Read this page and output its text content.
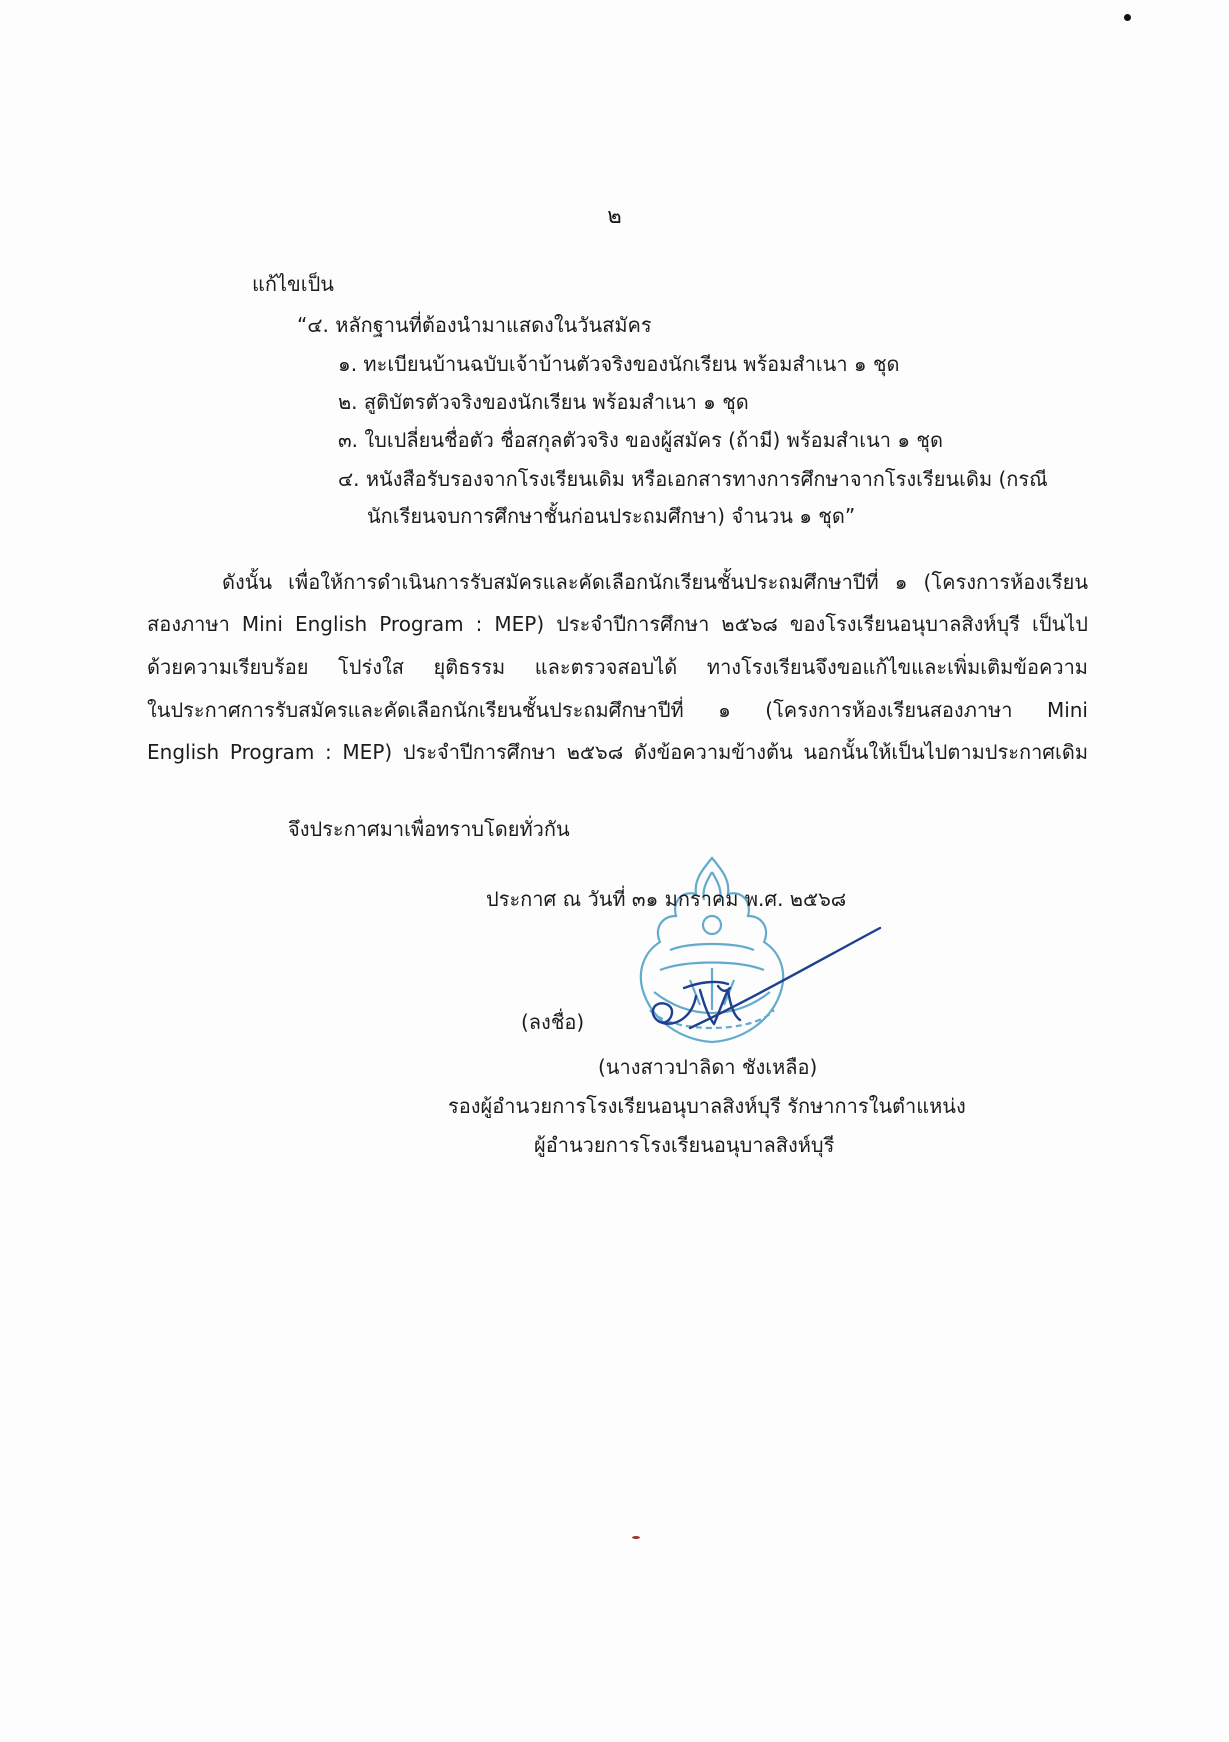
๒
แก้ไขเป็น
“๔. หลักฐานที่ต้องนำมาแสดงในวันสมัคร
๑. ทะเบียนบ้านฉบับเจ้าบ้านตัวจริงของนักเรียน พร้อมสำเนา ๑ ชุด
๒. สูติบัตรตัวจริงของนักเรียน พร้อมสำเนา ๑ ชุด
๓. ใบเปลี่ยนชื่อตัว ชื่อสกุลตัวจริง ของผู้สมัคร (ถ้ามี) พร้อมสำเนา ๑ ชุด
๔. หนังสือรับรองจากโรงเรียนเดิม หรือเอกสารทางการศึกษาจากโรงเรียนเดิม (กรณี
นักเรียนจบการศึกษาชั้นก่อนประถมศึกษา) จำนวน ๑ ชุด”
ดังนั้น เพื่อให้การดำเนินการรับสมัครและคัดเลือกนักเรียนชั้นประถมศึกษาปีที่ ๑ (โครงการห้องเรียน
สองภาษา Mini English Program : MEP) ประจำปีการศึกษา ๒๕๖๘ ของโรงเรียนอนุบาลสิงห์บุรี เป็นไป
ด้วยความเรียบร้อย โปร่งใส ยุติธรรม และตรวจสอบได้ ทางโรงเรียนจึงขอแก้ไขและเพิ่มเติมข้อความ
ในประกาศการรับสมัครและคัดเลือกนักเรียนชั้นประถมศึกษาปีที่ ๑ (โครงการห้องเรียนสองภาษา Mini
English Program : MEP) ประจำปีการศึกษา ๒๕๖๘ ดังข้อความข้างต้น นอกนั้นให้เป็นไปตามประกาศเดิม
จึงประกาศมาเพื่อทราบโดยทั่วกัน
ประกาศ ณ วันที่ ๓๑ มกราคม พ.ศ. ๒๕๖๘
(ลงชื่อ)
(นางสาวปาลิดา ชังเหลือ)
รองผู้อำนวยการโรงเรียนอนุบาลสิงห์บุรี รักษาการในตำแหน่ง
ผู้อำนวยการโรงเรียนอนุบาลสิงห์บุรี
